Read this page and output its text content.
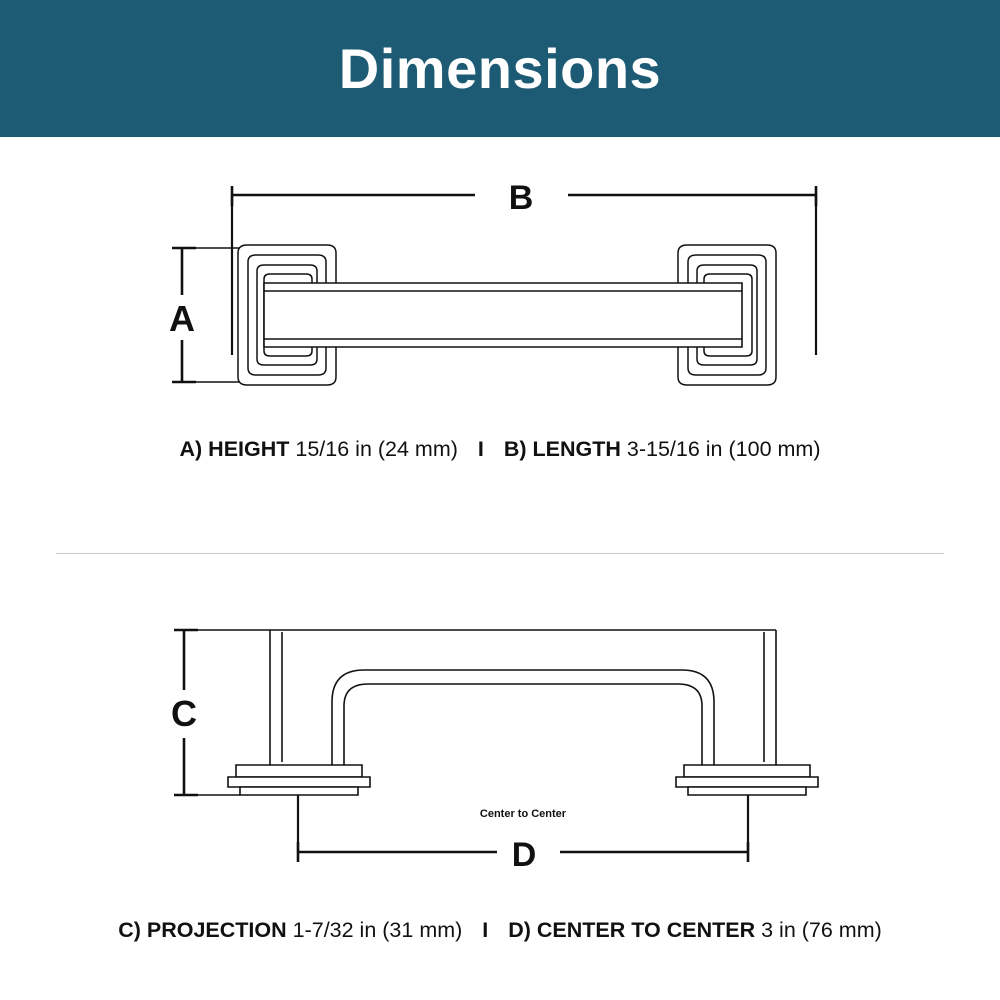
Dimensions
B
A
A) HEIGHT 15/16 in (24 mm) I B) LENGTH 3-15/16 in (100 mm)
C
Center to Center
D
C) PROJECTION 1-7/32 in (31 mm) I D) CENTER TO CENTER 3 in (76 mm)
